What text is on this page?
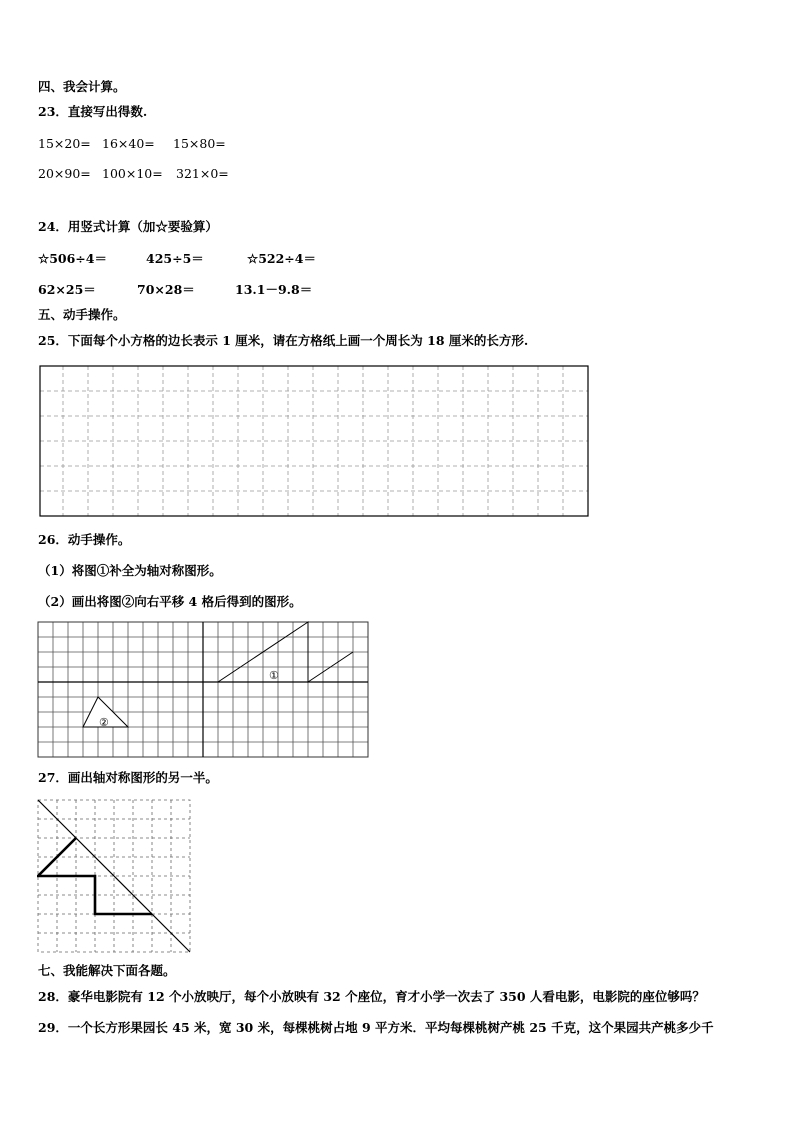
四、我会计算。
23．直接写出得数.
15×20= 16×40= 15×80=
20×90= 100×10= 321×0=
24．用竖式计算（加☆要验算）
☆506÷4＝	425÷5＝	☆522÷4＝
62×25＝	70×28＝	13.1－9.8＝
五、动手操作。
25．下面每个小方格的边长表示 1 厘米，请在方格纸上画一个周长为 18 厘米的长方形.
26．动手操作。
（1）将图①补全为轴对称图形。
（2）画出将图②向右平移 4 格后得到的图形。
①
②
27．画出轴对称图形的另一半。
七、我能解决下面各题。
28．豪华电影院有 12 个小放映厅，每个小放映有 32 个座位，育才小学一次去了 350 人看电影，电影院的座位够吗？
29．一个长方形果园长 45 米，宽 30 米，每棵桃树占地 9 平方米．平均每棵桃树产桃 25 千克，这个果园共产桃多少千
